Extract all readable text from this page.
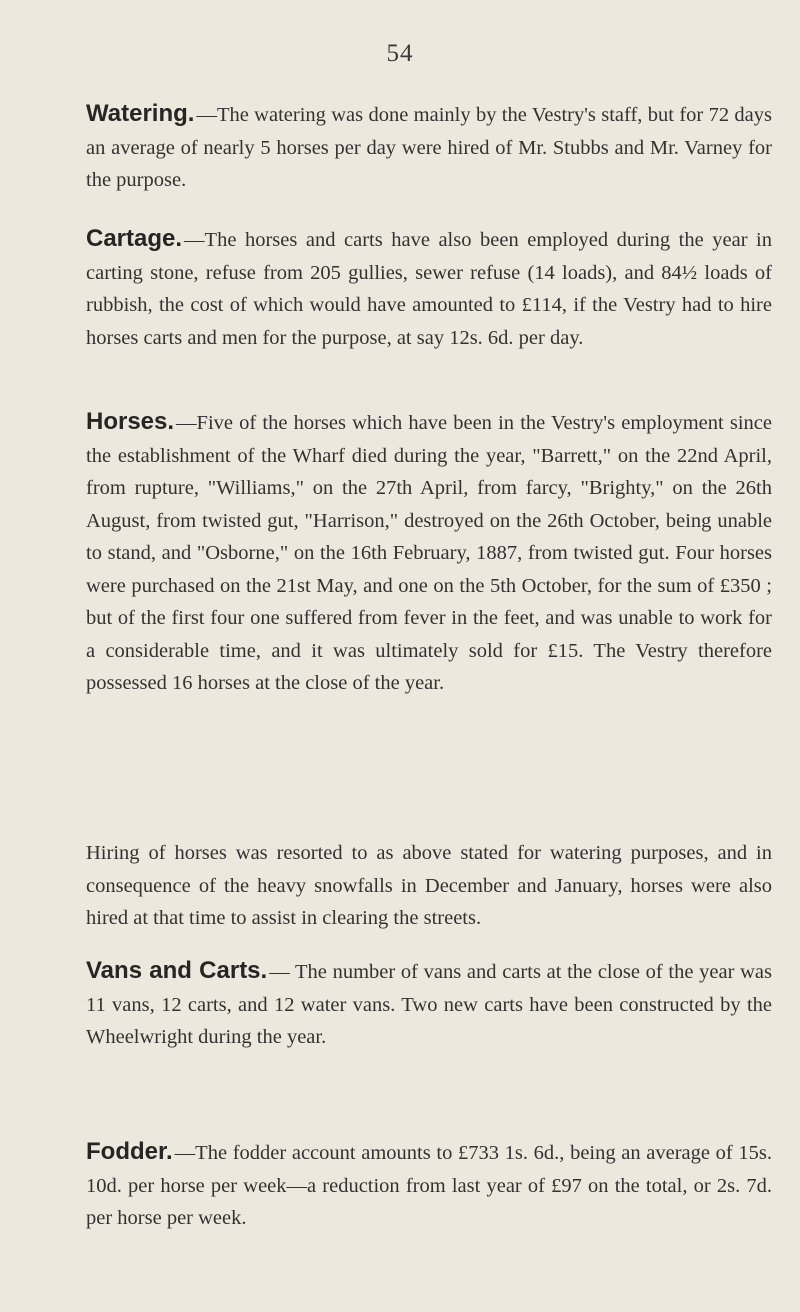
54
Watering.—The watering was done mainly by the Vestry's staff, but for 72 days an average of nearly 5 horses per day were hired of Mr. Stubbs and Mr. Varney for the purpose.
Cartage.—The horses and carts have also been employed during the year in carting stone, refuse from 205 gullies, sewer refuse (14 loads), and 84½ loads of rubbish, the cost of which would have amounted to £114, if the Vestry had to hire horses carts and men for the purpose, at say 12s. 6d. per day.
Horses.—Five of the horses which have been in the Vestry's employment since the establishment of the Wharf died during the year, "Barrett," on the 22nd April, from rupture, "Williams," on the 27th April, from farcy, "Brighty," on the 26th August, from twisted gut, "Harrison," destroyed on the 26th October, being unable to stand, and "Osborne," on the 16th February, 1887, from twisted gut. Four horses were purchased on the 21st May, and one on the 5th October, for the sum of £350 ; but of the first four one suffered from fever in the feet, and was unable to work for a considerable time, and it was ultimately sold for £15. The Vestry therefore possessed 16 horses at the close of the year.
Hiring of horses was resorted to as above stated for watering purposes, and in consequence of the heavy snowfalls in December and January, horses were also hired at that time to assist in clearing the streets.
Vans and Carts.— The number of vans and carts at the close of the year was 11 vans, 12 carts, and 12 water vans. Two new carts have been constructed by the Wheelwright during the year.
Fodder.—The fodder account amounts to £733 1s. 6d., being an average of 15s. 10d. per horse per week—a reduction from last year of £97 on the total, or 2s. 7d. per horse per week.
